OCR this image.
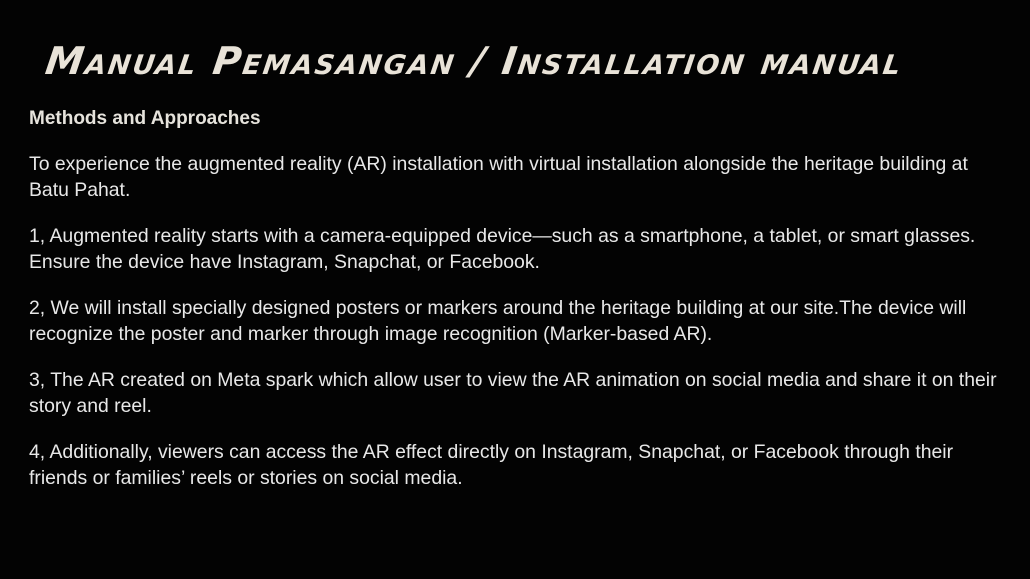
Manual Pemasangan / Installation manual
Methods and Approaches

To experience the augmented reality (AR) installation with virtual installation alongside the heritage building at Batu Pahat.

1, Augmented reality starts with a camera-equipped device—such as a smartphone, a tablet, or smart glasses. Ensure the device have Instagram, Snapchat, or Facebook.

2, We will install specially designed posters or markers around the heritage building at our site.The device will recognize the poster and marker through image recognition (Marker-based AR).

3, The AR created on Meta spark which allow user to view the AR animation on social media and share it on their story and reel.

4, Additionally, viewers can access the AR effect directly on Instagram, Snapchat, or Facebook through their friends or families’ reels or stories on social media.
